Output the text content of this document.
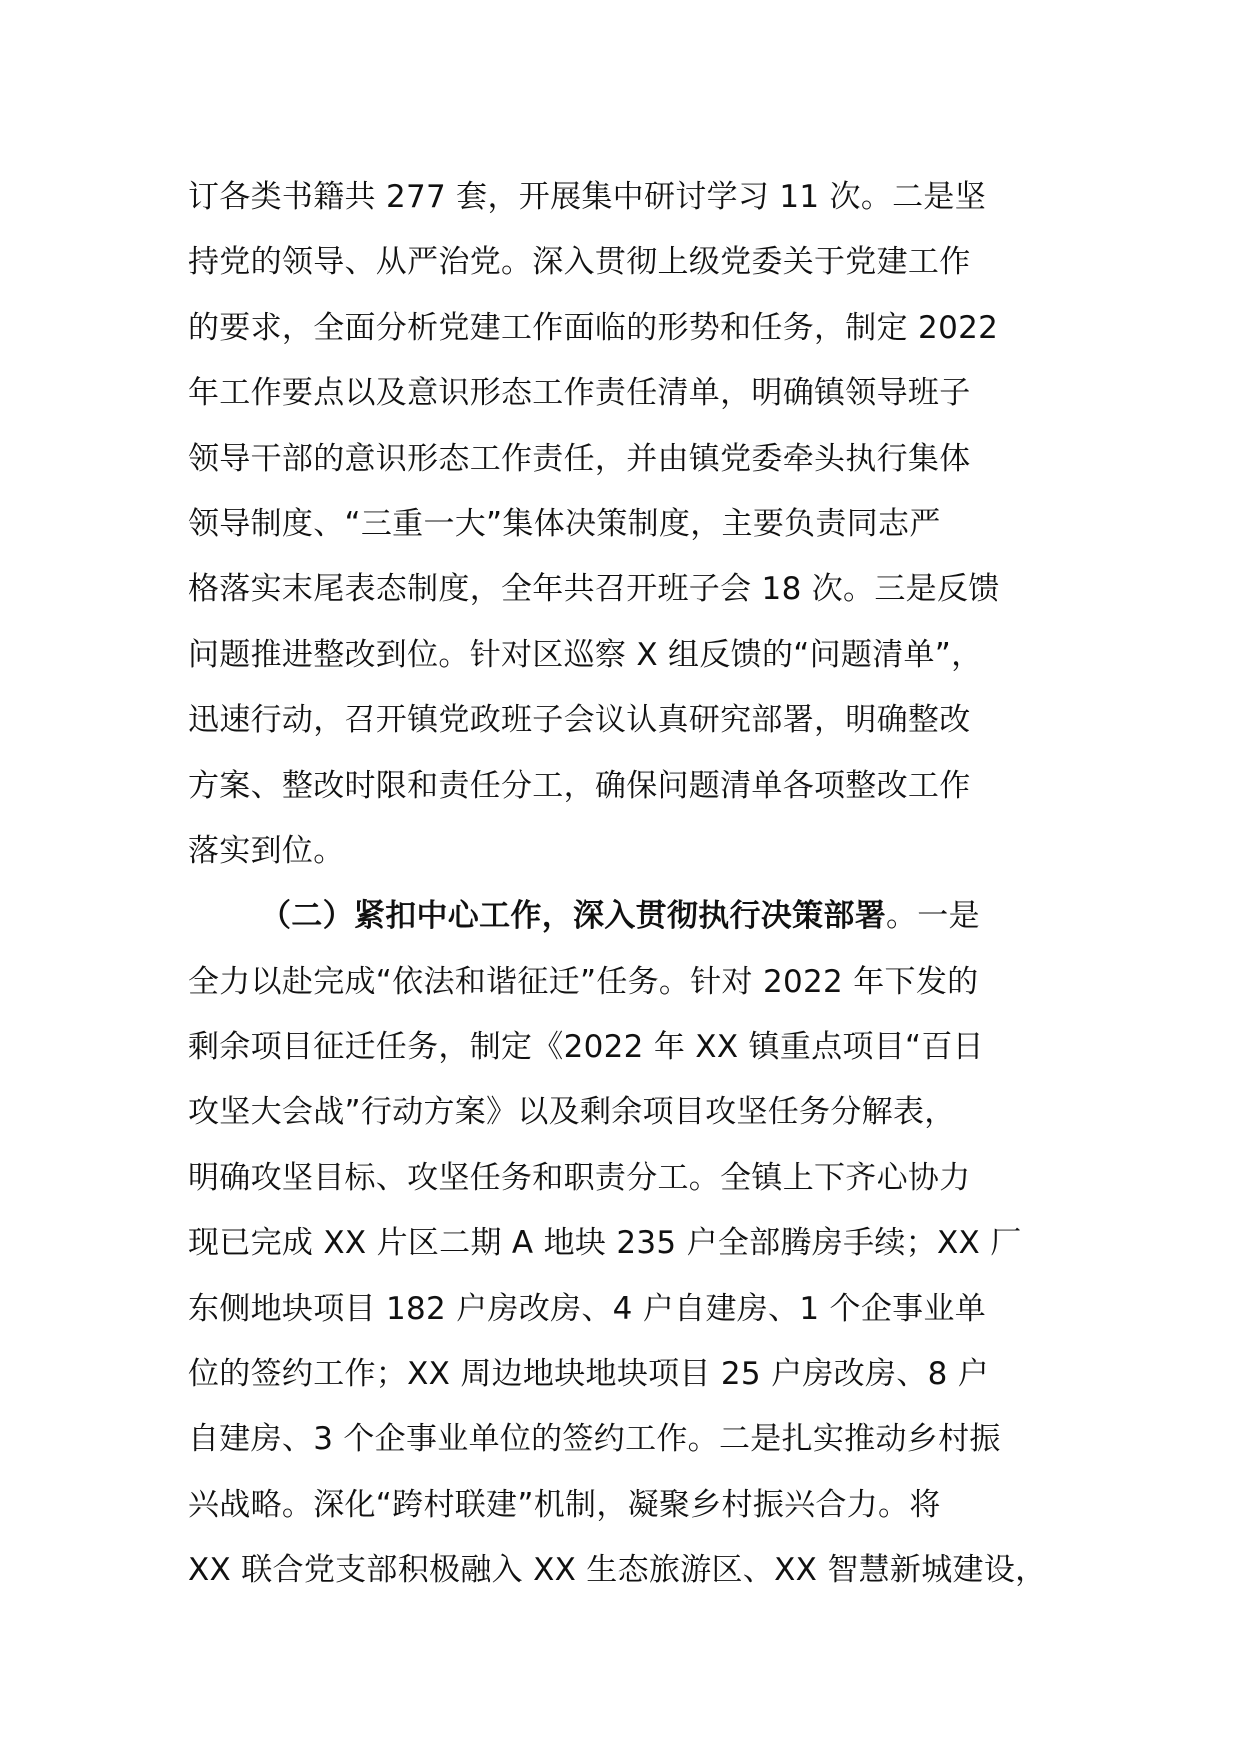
订各类书籍共 277 套，开展集中研讨学习 11 次。二是坚
持党的领导、从严治党。深入贯彻上级党委关于党建工作
的要求，全面分析党建工作面临的形势和任务，制定 2022
年工作要点以及意识形态工作责任清单，明确镇领导班子
领导干部的意识形态工作责任，并由镇党委牵头执行集体
领导制度、“三重一大”集体决策制度，主要负责同志严
格落实末尾表态制度，全年共召开班子会 18 次。三是反馈
问题推进整改到位。针对区巡察 X 组反馈的“问题清单”，
迅速行动，召开镇党政班子会议认真研究部署，明确整改
方案、整改时限和责任分工，确保问题清单各项整改工作
落实到位。
（二）紧扣中心工作，深入贯彻执行决策部署。一是
全力以赴完成“依法和谐征迁”任务。针对 2022 年下发的
剩余项目征迁任务，制定《2022 年 XX 镇重点项目“百日
攻坚大会战”行动方案》以及剩余项目攻坚任务分解表，
明确攻坚目标、攻坚任务和职责分工。全镇上下齐心协力
现已完成 XX 片区二期 A 地块 235 户全部腾房手续；XX 厂
东侧地块项目 182 户房改房、4 户自建房、1 个企事业单
位的签约工作；XX 周边地块地块项目 25 户房改房、8 户
自建房、3 个企事业单位的签约工作。二是扎实推动乡村振
兴战略。深化“跨村联建”机制，凝聚乡村振兴合力。将
XX 联合党支部积极融入 XX 生态旅游区、XX 智慧新城建设，
